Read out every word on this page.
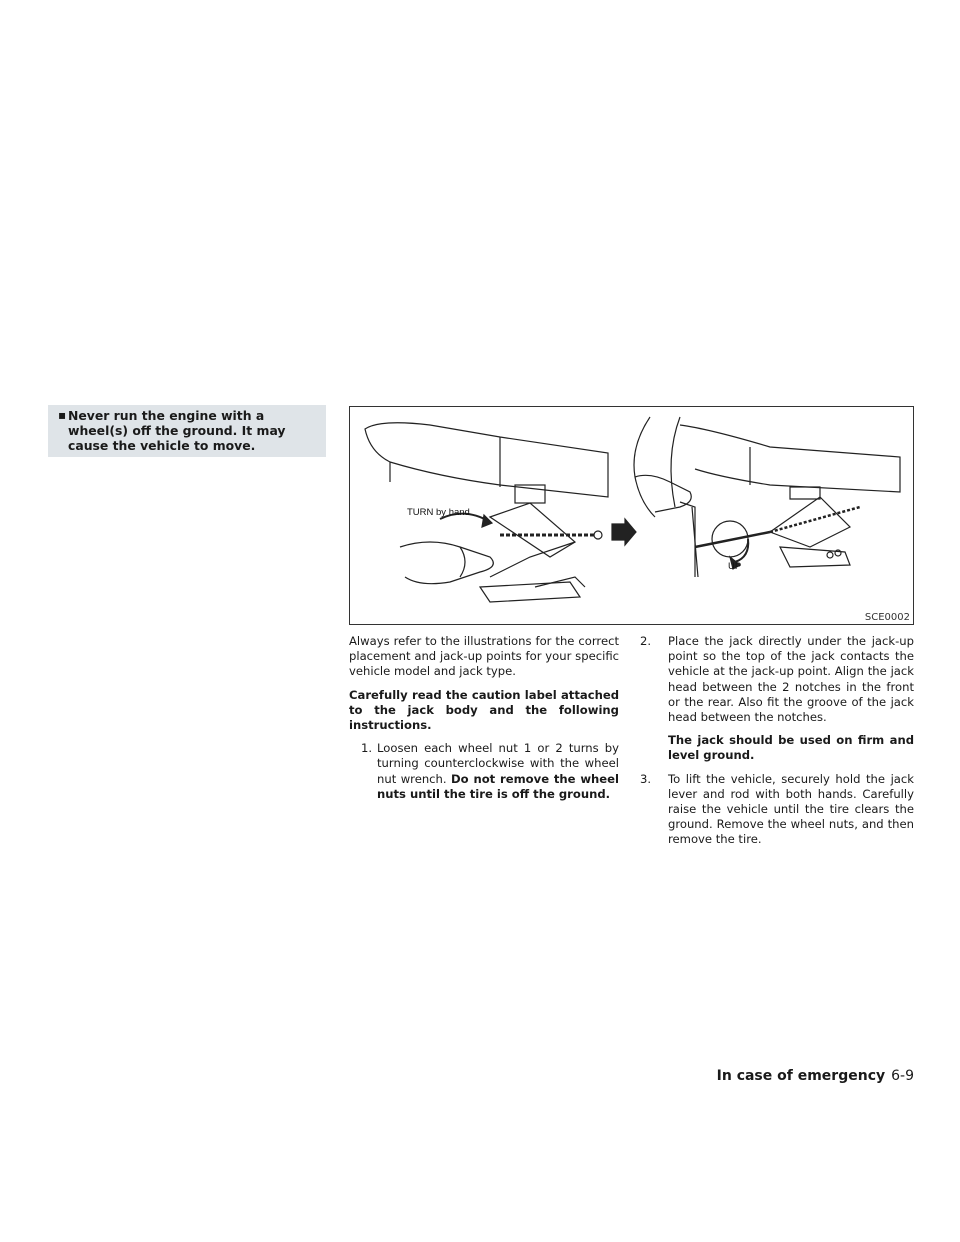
▪ Never run the engine with a wheel(s) off the ground. It may cause the vehicle to move.
TURN by hand
UP
SCE0002

Always refer to the illustrations for the correct placement and jack-up points for your specific vehicle model and jack type.

Carefully read the caution label attached to the jack body and the following instructions.

1. Loosen each wheel nut 1 or 2 turns by turning counterclockwise with the wheel nut wrench. Do not remove the wheel nuts until the tire is off the ground.
2. Place the jack directly under the jack-up point so the top of the jack contacts the vehicle at the jack-up point. Align the jack head between the 2 notches in the front or the rear. Also fit the groove of the jack head between the notches.
The jack should be used on firm and level ground.
3. To lift the vehicle, securely hold the jack lever and rod with both hands. Carefully raise the vehicle until the tire clears the ground. Remove the wheel nuts, and then remove the tire.
In case of emergency 6-9
